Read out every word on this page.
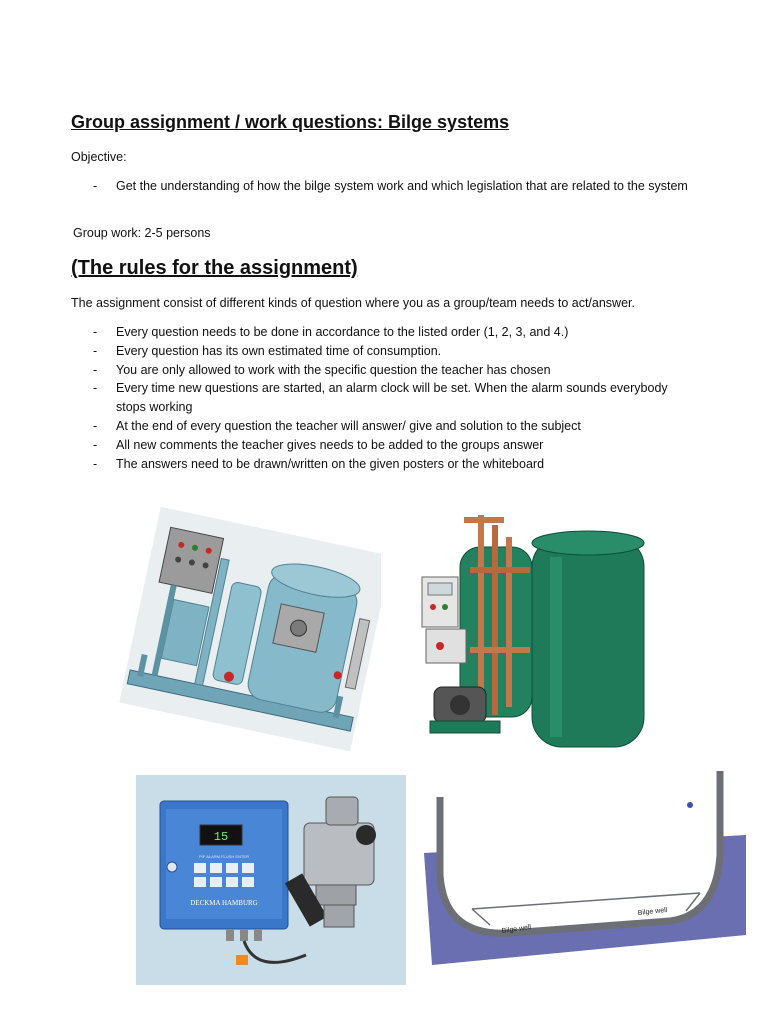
Group assignment / work questions: Bilge systems

Objective:

- Get the understanding of how the bilge system work and which legislation that are related to the system

Group work: 2-5 persons

(The rules for the assignment)

The assignment consist of different kinds of question where you as a group/team needs to act/answer.

- Every question needs to be done in accordance to the listed order (1, 2, 3, and 4.)
- Every question has its own estimated time of consumption.
- You are only allowed to work with the specific question the teacher has chosen
- Every time new questions are started, an alarm clock will be set. When the alarm sounds everybody stops working
- At the end of every question the teacher will answer/ give and solution to the subject
- All new comments the teacher gives needs to be added to the groups answer
- The answers need to be drawn/written on the given posters or the whiteboard
15
P/F ALARM FLUSH ENTER
DECKMA HAMBURG
Bilge well
Bilge well
